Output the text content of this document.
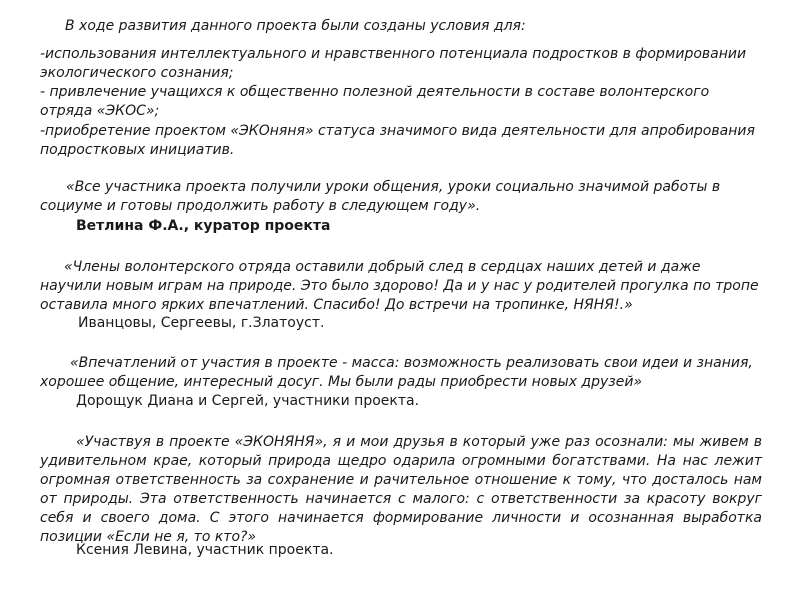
В ходе развития данного проекта были созданы условия для:

-использования интеллектуального и нравственного потенциала подростков в формировании экологического сознания;

- привлечение учащихся к общественно полезной деятельности в составе волонтерского отряда «ЭКОС»;

-приобретение проектом «ЭКОняня» статуса значимого вида деятельности для апробирования подростковых инициатив.

«Все участника проекта получили уроки общения, уроки социально значимой работы в социуме и готовы продолжить работу в следующем году».

Ветлина Ф.А., куратор проекта

«Члены волонтерского отряда оставили добрый след в сердцах наших детей и даже научили новым играм на природе. Это было здорово! Да и у нас у родителей прогулка по тропе оставила много ярких впечатлений. Спасибо! До встречи на тропинке, НЯНЯ!.»

Иванцовы, Сергеевы, г.Златоуст.

«Впечатлений от участия в проекте - масса: возможность реализовать свои идеи и знания, хорошее общение, интересный досуг. Мы были рады приобрести новых друзей»

Дорощук Диана и Сергей, участники проекта.

«Участвуя в проекте «ЭКОНЯНЯ», я и мои друзья в который уже раз осознали: мы живем в удивительном крае, который природа щедро одарила огромными богатствами. На нас лежит огромная ответственность за сохранение и рачительное отношение к тому, что досталось нам от природы. Эта ответственность начинается с малого: с ответственности за красоту вокруг себя и своего дома. С этого начинается формирование личности и осознанная выработка позиции «Если не я, то кто?»

Ксения Левина, участник проекта.
